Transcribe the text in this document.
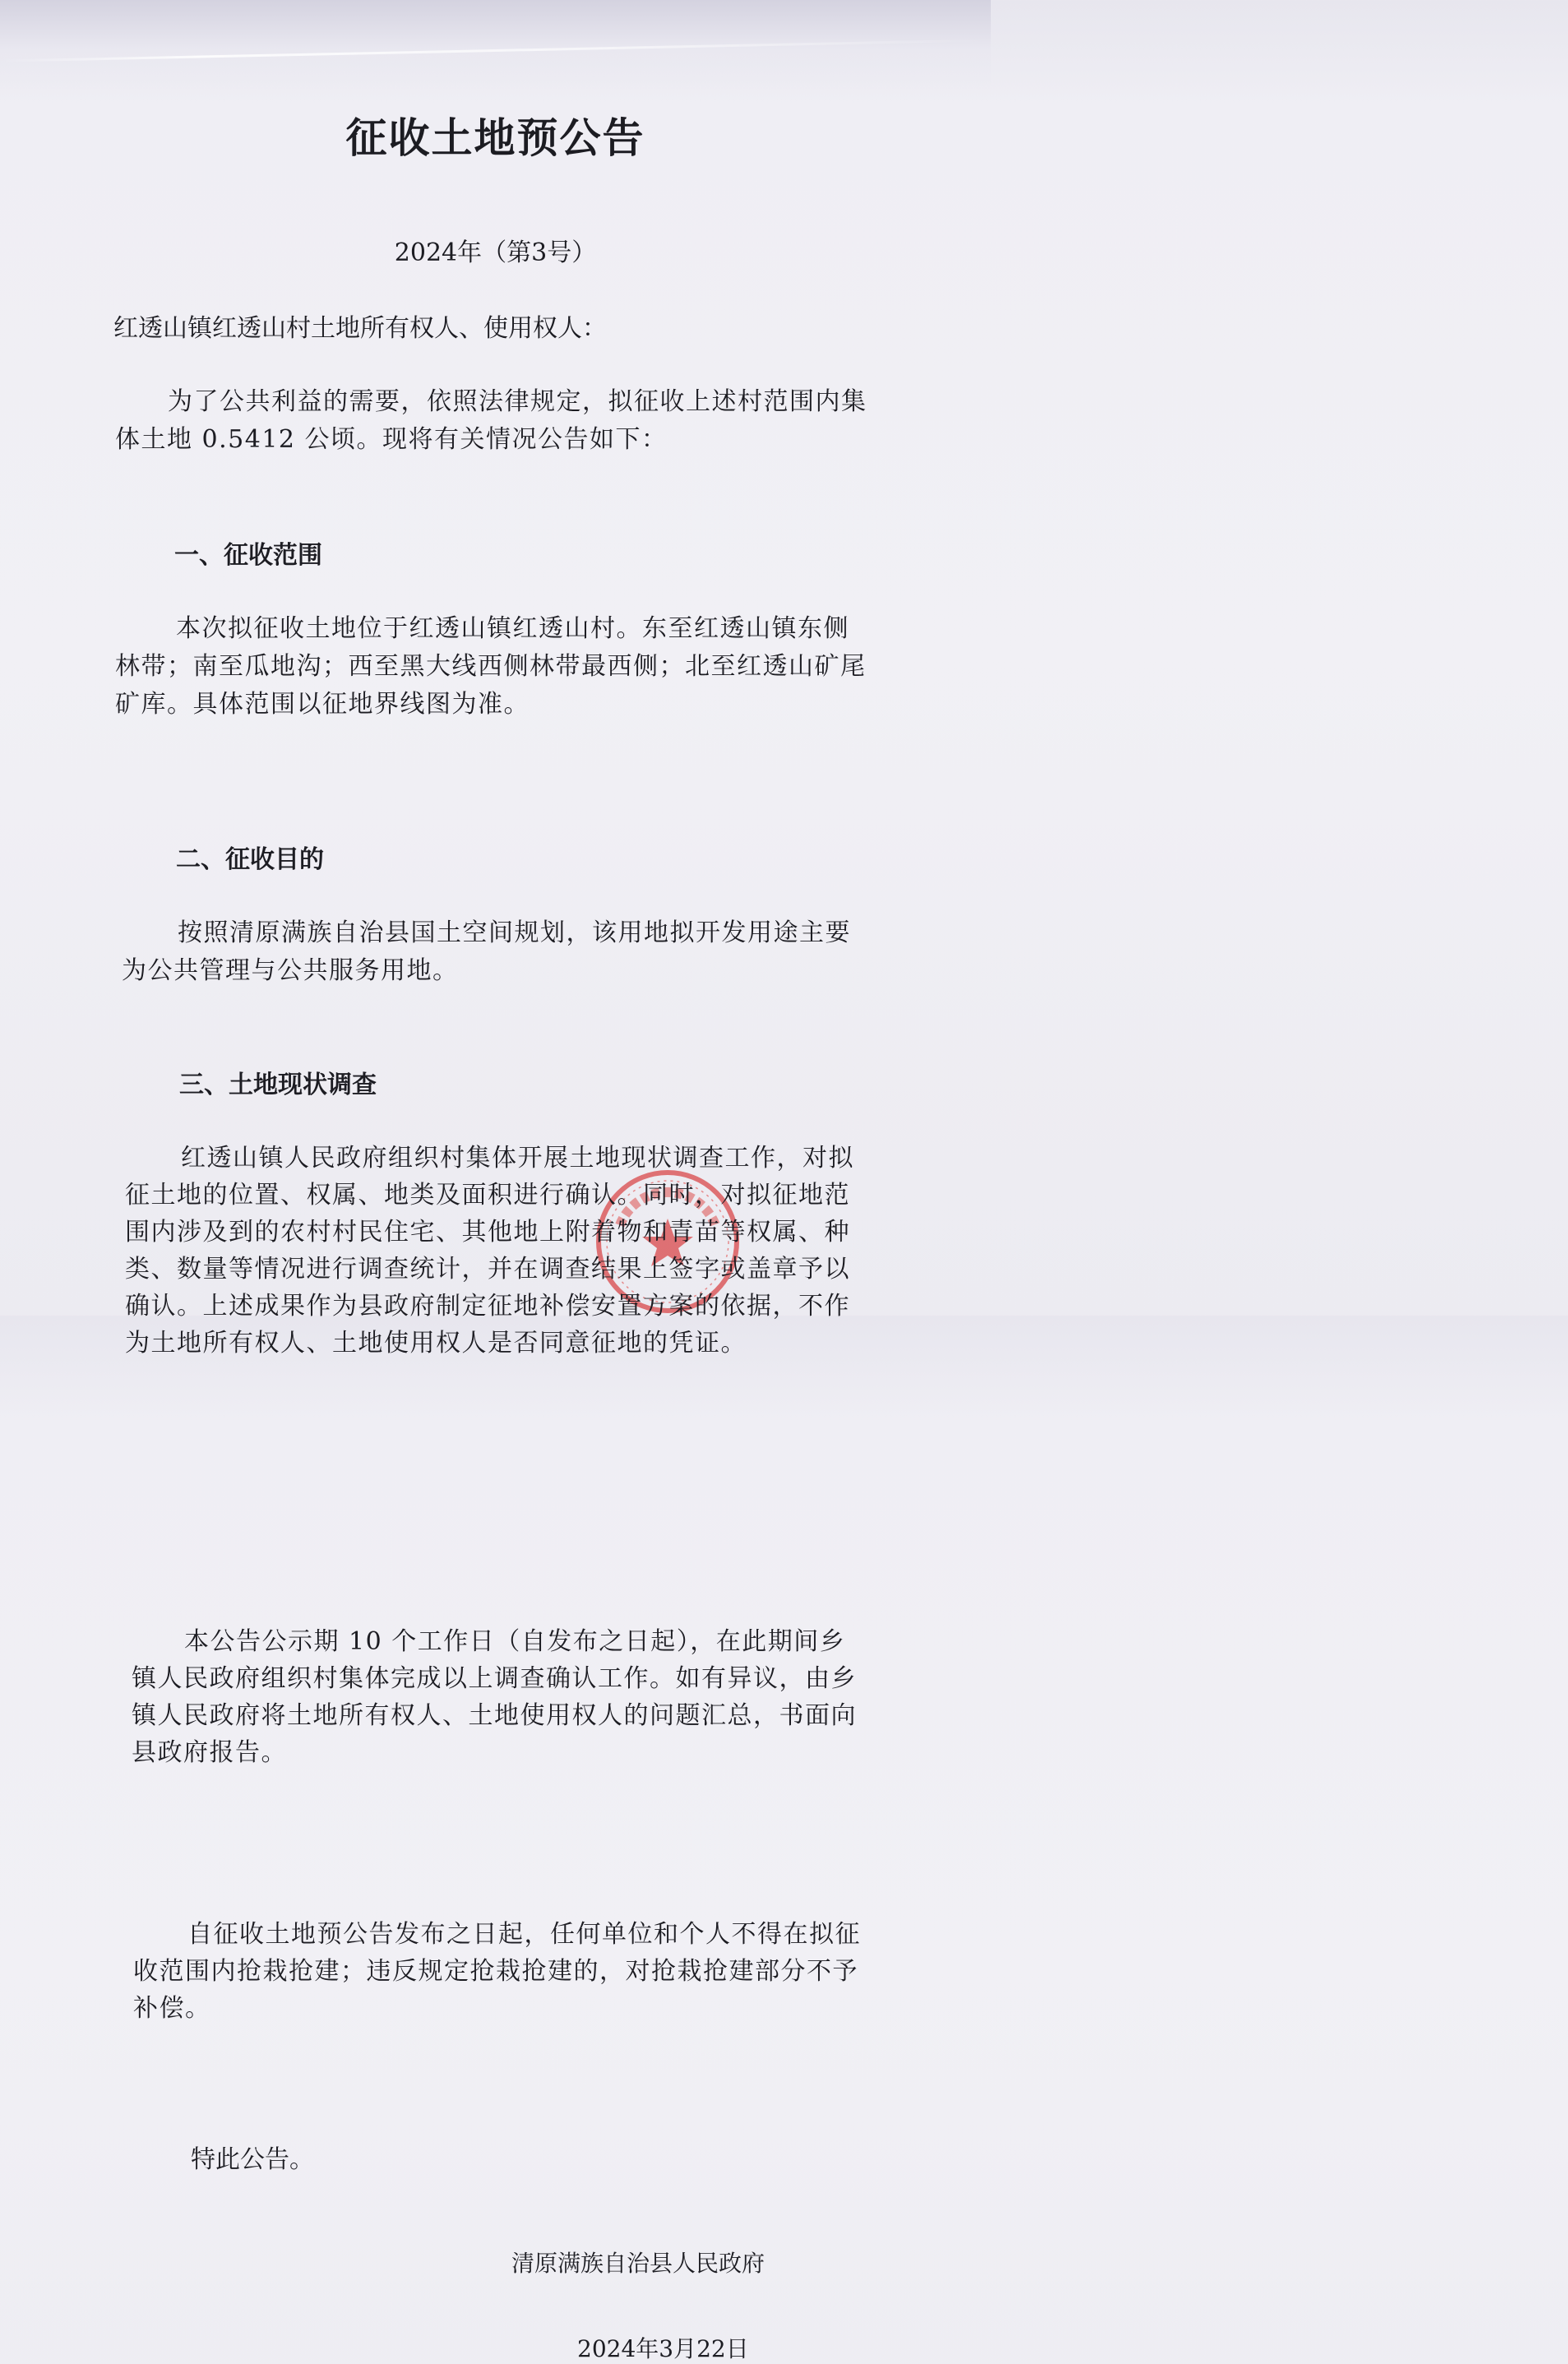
征收土地预公告
2024年（第3号）
红透山镇红透山村土地所有权人、使用权人：
为了公共利益的需要，依照法律规定，拟征收上述村范围内集体土地 0.5412 公顷。现将有关情况公告如下：
一、征收范围
本次拟征收土地位于红透山镇红透山村。东至红透山镇东侧林带；南至瓜地沟；西至黑大线西侧林带最西侧；北至红透山矿尾矿库。具体范围以征地界线图为准。
二、征收目的
按照清原满族自治县国土空间规划，该用地拟开发用途主要为公共管理与公共服务用地。
三、土地现状调查
红透山镇人民政府组织村集体开展土地现状调查工作，对拟征土地的位置、权属、地类及面积进行确认。同时，对拟征地范围内涉及到的农村村民住宅、其他地上附着物和青苗等权属、种类、数量等情况进行调查统计，并在调查结果上签字或盖章予以确认。上述成果作为县政府制定征地补偿安置方案的依据，不作为土地所有权人、土地使用权人是否同意征地的凭证。
本公告公示期 10 个工作日（自发布之日起），在此期间乡镇人民政府组织村集体完成以上调查确认工作。如有异议，由乡镇人民政府将土地所有权人、土地使用权人的问题汇总，书面向县政府报告。
自征收土地预公告发布之日起，任何单位和个人不得在拟征收范围内抢栽抢建；违反规定抢栽抢建的，对抢栽抢建部分不予补偿。
特此公告。
清原满族自治县人民政府
2024年3月22日
